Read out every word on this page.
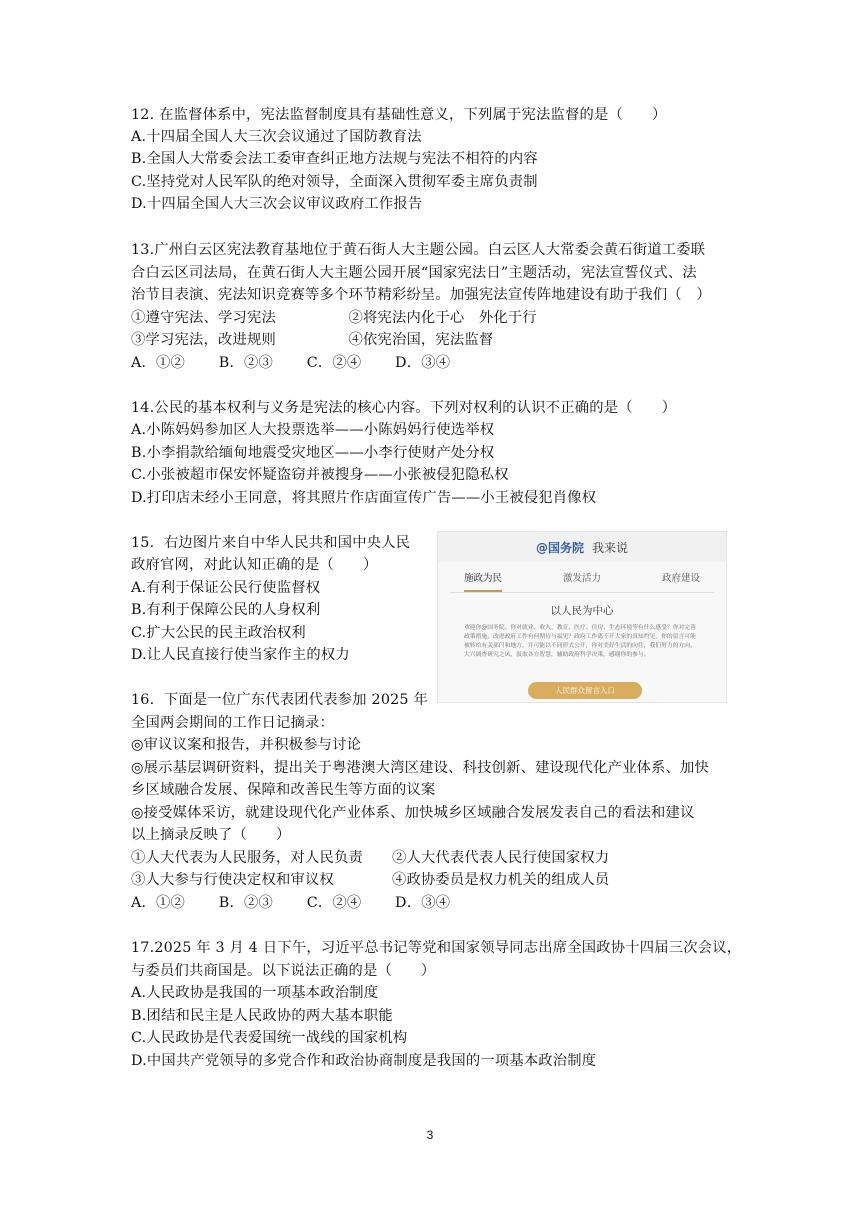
12. 在监督体系中，宪法监督制度具有基础性意义，下列属于宪法监督的是（　　）
A.十四届全国人大三次会议通过了国防教育法
B.全国人大常委会法工委审查纠正地方法规与宪法不相符的内容
C.坚持党对人民军队的绝对领导，全面深入贯彻军委主席负责制
D.十四届全国人大三次会议审议政府工作报告
13.广州白云区宪法教育基地位于黄石街人大主题公园。白云区人大常委会黄石街道工委联
合白云区司法局，在黄石街人大主题公园开展“国家宪法日”主题活动，宪法宣誓仪式、法
治节目表演、宪法知识竞赛等多个环节精彩纷呈。加强宪法宣传阵地建设有助于我们（　）
①遵守宪法、学习宪法　　　　　②将宪法内化于心　外化于行
③学习宪法，改进规则　　　　　④依宪治国，宪法监督
A．①②　　 B．②③　　 C．②④　　 D．③④
14.公民的基本权利与义务是宪法的核心内容。下列对权利的认识不正确的是（　　）
A.小陈妈妈参加区人大投票选举——小陈妈妈行使选举权
B.小李捐款给缅甸地震受灾地区——小李行使财产处分权
C.小张被超市保安怀疑盗窃并被搜身——小张被侵犯隐私权
D.打印店未经小王同意，将其照片作店面宣传广告——小王被侵犯肖像权
15.  右边图片来自中华人民共和国中央人民
政府官网，对此认知正确的是（　　）
A.有利于保证公民行使监督权
B.有利于保障公民的人身权利
C.扩大公民的民主政治权利
D.让人民直接行使当家作主的权力
@国务院 我来说
施政为民	激发活力	政府建设
以人民为中心
欢迎你@国务院。你对就业、收入、教育、医疗、住房、生态环境等有什么感受？你对完善政策措施、改进政府工作有何期待与福见？政府工作离不开大家的真知灼见，你的留言可能被转给有关部门和地方，并可能以不同形式公开，你对美好生活的向往，我们努力的方向。大兴调查研究之风，汲取各方智慧，辅助政府科学决策，感谢你的参与。
人民群众留言入口
16.  下面是一位广东代表团代表参加 2025 年
全国两会期间的工作日记摘录：
◎审议议案和报告，并积极参与讨论
◎展示基层调研资料，提出关于粤港澳大湾区建设、科技创新、建设现代化产业体系、加快
乡区域融合发展、保障和改善民生等方面的议案
◎接受媒体采访，就建设现代化产业体系、加快城乡区域融合发展发表自己的看法和建议
以上摘录反映了（　　）
①人大代表为人民服务，对人民负责　　②人大代表代表人民行使国家权力
③人大参与行使决定权和审议权　　　　④政协委员是权力机关的组成人员
A．①②　　 B．②③　　 C．②④　　 D．③④
17.2025 年 3 月 4 日下午，习近平总书记等党和国家领导同志出席全国政协十四届三次会议，
与委员们共商国是。以下说法正确的是（　　）
A.人民政协是我国的一项基本政治制度
B.团结和民主是人民政协的两大基本职能
C.人民政协是代表爱国统一战线的国家机构
D.中国共产党领导的多党合作和政治协商制度是我国的一项基本政治制度
3
